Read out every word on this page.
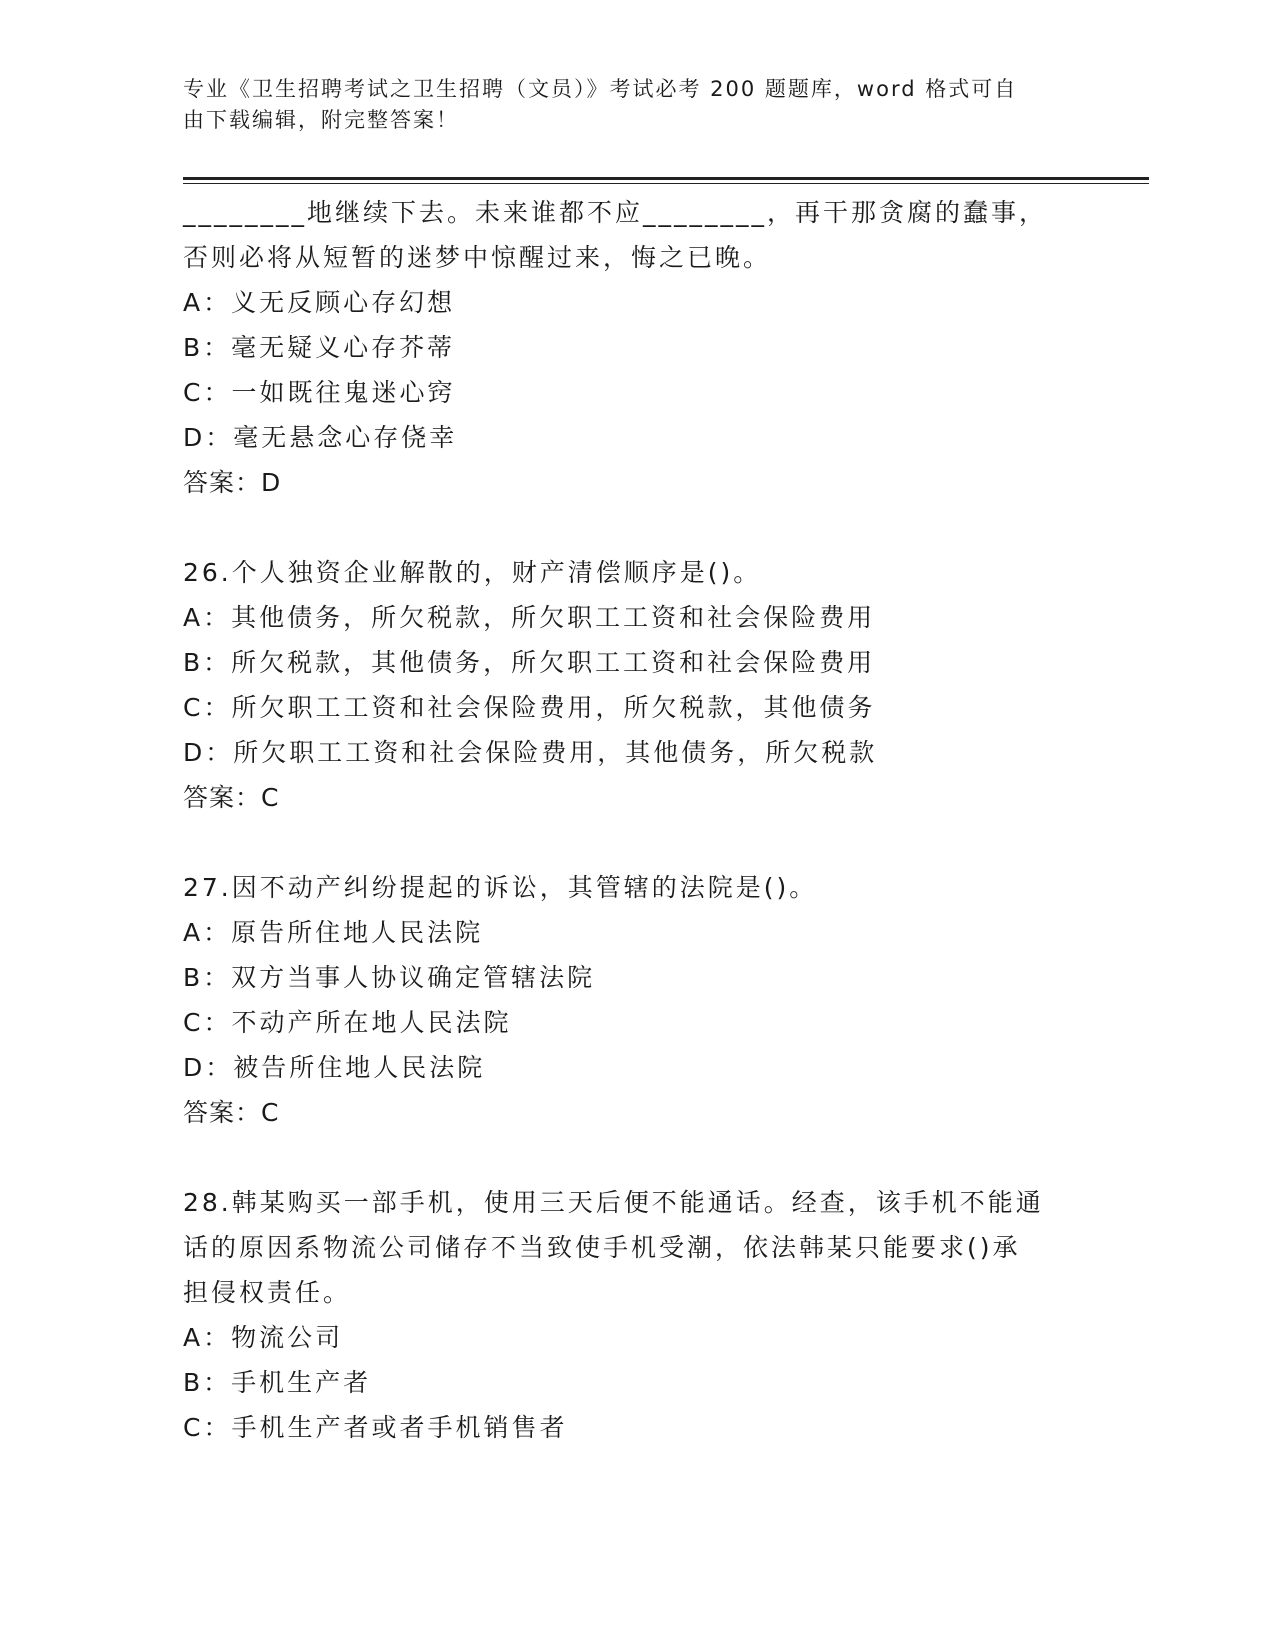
专业《卫生招聘考试之卫生招聘（文员）》考试必考 200 题题库，word 格式可自
由下载编辑，附完整答案！
________地继续下去。未来谁都不应________，再干那贪腐的蠢事，
否则必将从短暂的迷梦中惊醒过来，悔之已晚。
A：义无反顾心存幻想
B：毫无疑义心存芥蒂
C：一如既往鬼迷心窍
D：毫无悬念心存侥幸
答案：D
26.个人独资企业解散的，财产清偿顺序是()。
A：其他债务，所欠税款，所欠职工工资和社会保险费用
B：所欠税款，其他债务，所欠职工工资和社会保险费用
C：所欠职工工资和社会保险费用，所欠税款，其他债务
D：所欠职工工资和社会保险费用，其他债务，所欠税款
答案：C
27.因不动产纠纷提起的诉讼，其管辖的法院是()。
A：原告所住地人民法院
B：双方当事人协议确定管辖法院
C：不动产所在地人民法院
D：被告所住地人民法院
答案：C
28.韩某购买一部手机，使用三天后便不能通话。经查，该手机不能通
话的原因系物流公司储存不当致使手机受潮，依法韩某只能要求()承
担侵权责任。
A：物流公司
B：手机生产者
C：手机生产者或者手机销售者
